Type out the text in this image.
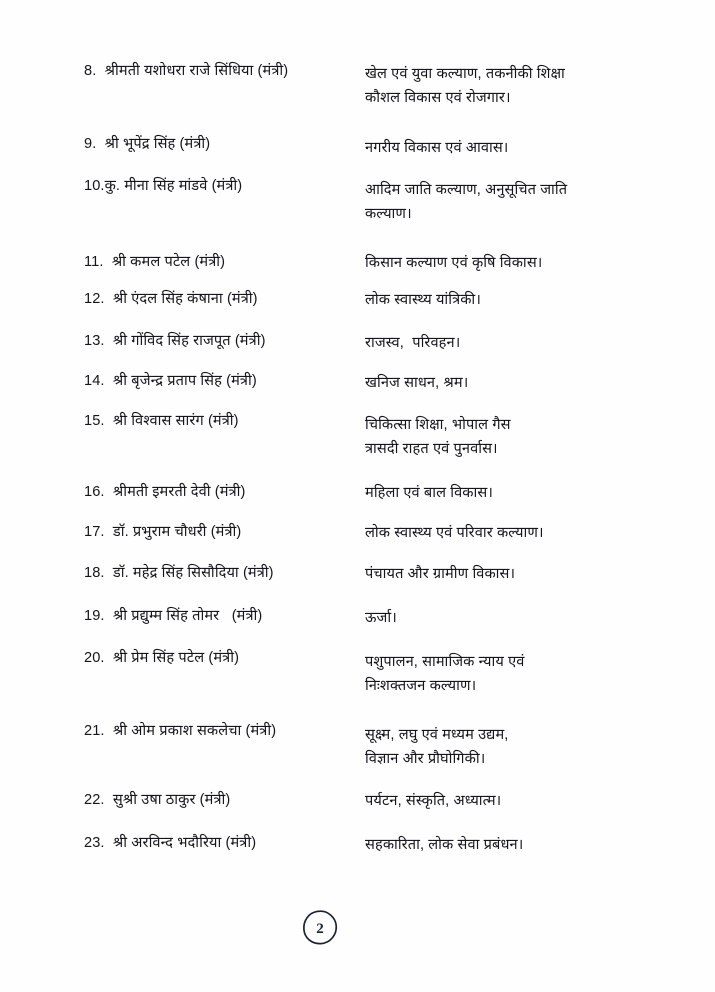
8.  श्रीमती यशोधरा राजे सिंधिया (मंत्री)	खेल एवं युवा कल्याण, तकनीकी शिक्षा
कौशल विकास एवं रोजगार।
9.  श्री भूपेंद्र सिंह (मंत्री)	नगरीय विकास एवं आवास।
10.कु. मीना सिंह मांडवे (मंत्री)	आदिम जाति कल्याण, अनुसूचित जाति
कल्याण।
11.  श्री कमल पटेल (मंत्री)	किसान कल्याण एवं कृषि विकास।
12.  श्री एंदल सिंह कंषाना (मंत्री)	लोक स्वास्थ्य यांत्रिकी।
13.  श्री गोंविद सिंह राजपूत (मंत्री)	राजस्व,  परिवहन।
14.  श्री बृजेन्द्र प्रताप सिंह (मंत्री)	खनिज साधन, श्रम।
15.  श्री विश्वास सारंग (मंत्री)	चिकित्सा शिक्षा, भोपाल गैस
त्रासदी राहत एवं पुनर्वास।
16.  श्रीमती इमरती देवी (मंत्री)	महिला एवं बाल विकास।
17.  डॉ. प्रभुराम चौधरी (मंत्री)	लोक स्वास्थ्य एवं परिवार कल्याण।
18.  डॉ. महेद्र सिंह सिसौदिया (मंत्री)	पंचायत और ग्रामीण विकास।
19.  श्री प्रद्युम्म सिंह तोमर   (मंत्री)	ऊर्जा।
20.  श्री प्रेम सिंह पटेल (मंत्री)	पशुपालन, सामाजिक न्याय एवं
निःशक्तजन कल्याण।
21.  श्री ओम प्रकाश सकलेचा (मंत्री)	सूक्ष्म, लघु एवं मध्यम उद्यम,
विज्ञान और प्रौघोगिकी।
22.  सुश्री उषा ठाकुर (मंत्री)	पर्यटन, संस्कृति, अध्यात्म।
23.  श्री अरविन्द भदौरिया (मंत्री)	सहकारिता, लोक सेवा प्रबंधन।
2
